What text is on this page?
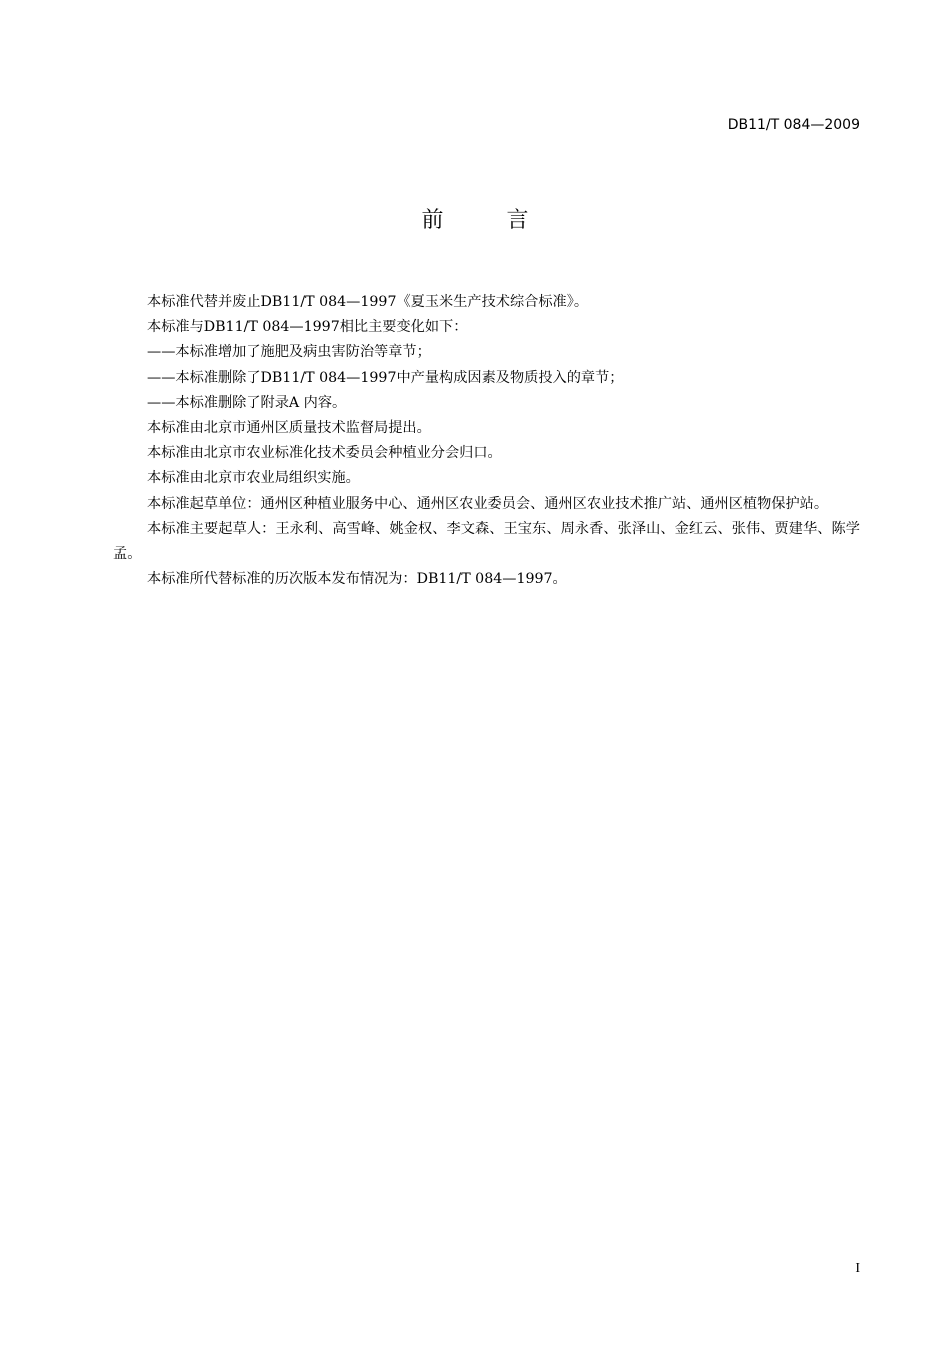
DB11/T 084—2009
前 言

本标准代替并废止DB11/T 084—1997《夏玉米生产技术综合标准》。

本标准与DB11/T 084—1997相比主要变化如下：

——本标准增加了施肥及病虫害防治等章节；

——本标准删除了DB11/T 084—1997中产量构成因素及物质投入的章节；

——本标准删除了附录A 内容。

本标准由北京市通州区质量技术监督局提出。

本标准由北京市农业标准化技术委员会种植业分会归口。

本标准由北京市农业局组织实施。

本标准起草单位：通州区种植业服务中心、通州区农业委员会、通州区农业技术推广站、通州区植物保护站。

本标准主要起草人：王永利、高雪峰、姚金权、李文森、王宝东、周永香、张泽山、金红云、张伟、贾建华、陈学孟。

本标准所代替标准的历次版本发布情况为：DB11/T 084—1997。

I
